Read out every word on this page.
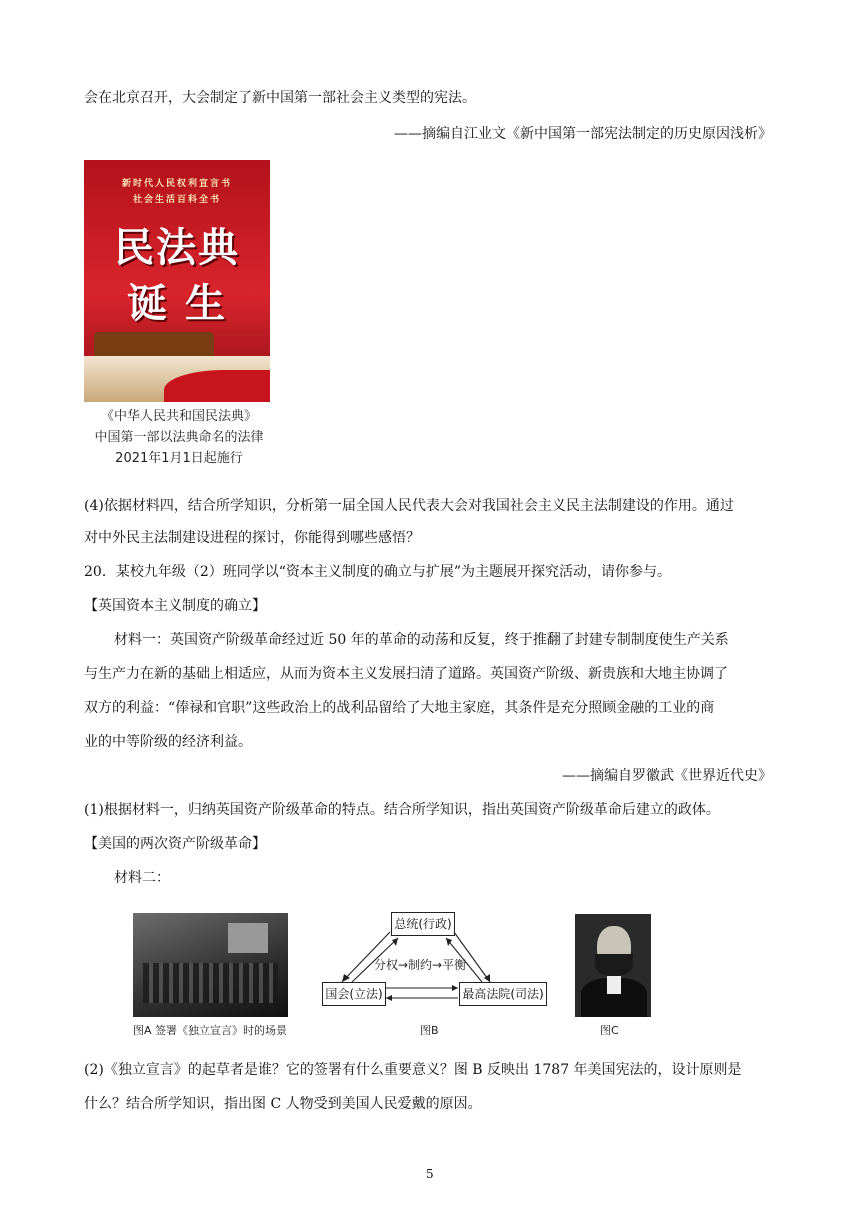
会在北京召开，大会制定了新中国第一部社会主义类型的宪法。
——摘编自江业文《新中国第一部宪法制定的历史原因浅析》
新时代人民权利宣言书
社会生活百科全书
民法典
诞 生
《中华人民共和国民法典》
中国第一部以法典命名的法律
2021年1月1日起施行
(4)依据材料四，结合所学知识，分析第一届全国人民代表大会对我国社会主义民主法制建设的作用。通过
对中外民主法制建设进程的探讨，你能得到哪些感悟？
20．某校九年级（2）班同学以“资本主义制度的确立与扩展”为主题展开探究活动，请你参与。
【英国资本主义制度的确立】
材料一：英国资产阶级革命经过近 50 年的革命的动荡和反复，终于推翻了封建专制制度使生产关系
与生产力在新的基础上相适应，从而为资本主义发展扫清了道路。英国资产阶级、新贵族和大地主协调了
双方的利益：“俸禄和官职”这些政治上的战利品留给了大地主家庭，其条件是充分照顾金融的工业的商
业的中等阶级的经济利益。
——摘编自罗徽武《世界近代史》
(1)根据材料一，归纳英国资产阶级革命的特点。结合所学知识，指出英国资产阶级革命后建立的政体。
【美国的两次资产阶级革命】
材料二：
图A 签署《独立宣言》时的场景
总统(行政)
国会(立法)	最高法院(司法)
分权→制约→平衡
图B	图C
(2)《独立宣言》的起草者是谁？它的签署有什么重要意义？图 B 反映出 1787 年美国宪法的，设计原则是
什么？结合所学知识，指出图 C 人物受到美国人民爱戴的原因。
5
